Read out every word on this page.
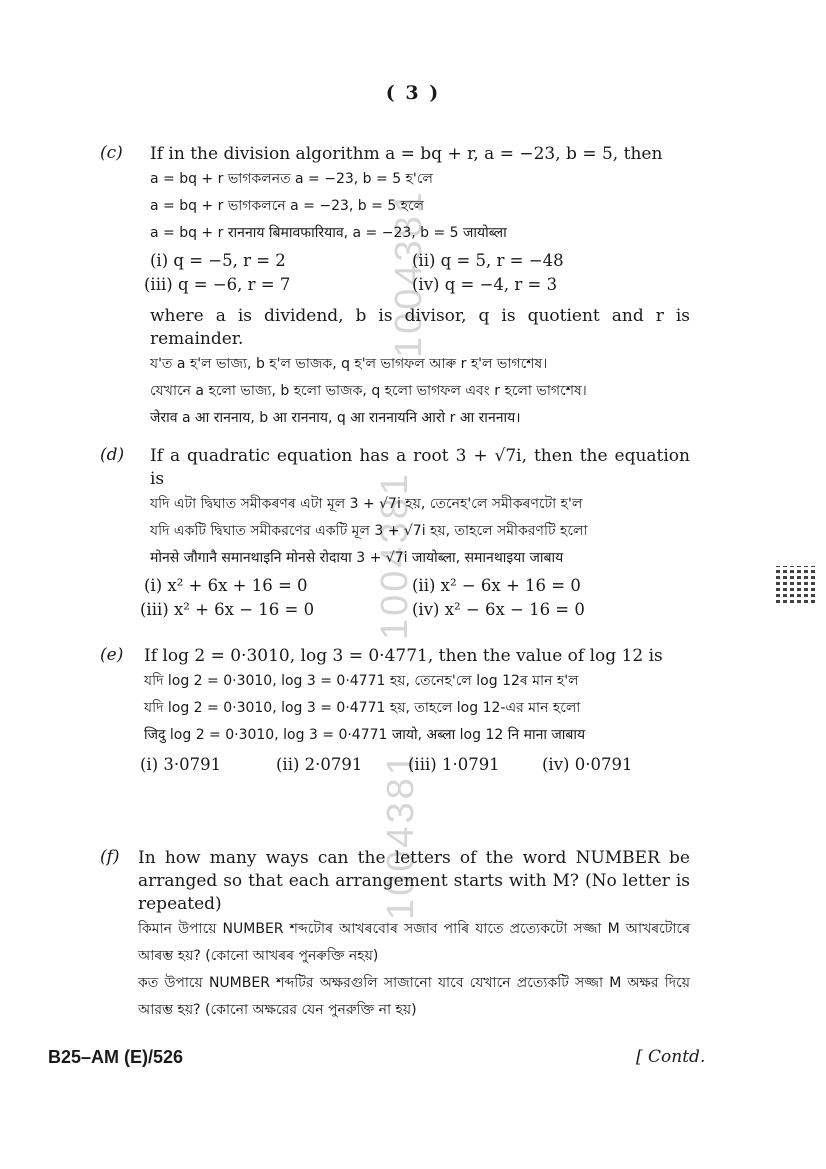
( 3 )
1004381
1004381
1004381
(c)	If in the division algorithm a = bq + r, a = −23, b = 5, then
a = bq + r ভাগকলনত a = −23, b = 5 হ'লে
a = bq + r ভাগকলনে a = −23, b = 5 হলে
a = bq + r राननाय बिमावफारियाव, a = −23, b = 5 जायोब्ला
(i) q = −5, r = 2	(ii) q = 5, r = −48
(iii) q = −6, r = 7	(iv) q = −4, r = 3
where a is dividend, b is divisor, q is quotient and r is remainder.
য'ত a হ'ল ভাজ্য, b হ'ল ভাজক, q হ'ল ভাগফল আৰু r হ'ল ভাগশেষ।
যেখানে a হলো ভাজ্য, b হলো ভাজক, q হলো ভাগফল এবং r হলো ভাগশেষ।
जेराव a आ राननाय, b आ राननाय, q आ राननायनि आरो r आ राननाय।
(d)	If a quadratic equation has a root 3 + √7i, then the equation is
যদি এটা দ্বিঘাত সমীকৰণৰ এটা মূল 3 + √7i হয়, তেনেহ'লে সমীকৰণটো হ'ল
যদি একটি দ্বিঘাত সমীকরণের একটি মূল 3 + √7i হয়, তাহলে সমীকরণটি হলো
मोनसे जौगानै समानथाइनि मोनसे रोदाया 3 + √7i जायोब्ला, समानथाइया जाबाय
(i) x² + 6x + 16 = 0	(ii) x² − 6x + 16 = 0
(iii) x² + 6x − 16 = 0	(iv) x² − 6x − 16 = 0
(e)	If log 2 = 0·3010, log 3 = 0·4771, then the value of log 12 is
যদি log 2 = 0·3010, log 3 = 0·4771 হয়, তেনেহ'লে log 12ৰ মান হ'ল
যদি log 2 = 0·3010, log 3 = 0·4771 হয়, তাহলে log 12-এর মান হলো
जिदु log 2 = 0·3010, log 3 = 0·4771 जायो, अब्ला log 12 नि माना जाबाय
(i) 3·0791	(ii) 2·0791	(iii) 1·0791	(iv) 0·0791
(f)	In how many ways can the letters of the word NUMBER be arranged so that each arrangement starts with M? (No letter is repeated)
কিমান উপায়ে NUMBER শব্দটোৰ আখৰবোৰ সজাব পাৰি যাতে প্ৰত্যেকটো সজ্জা M আখৰটোৰে আৰম্ভ হয়? (কোনো আখৰৰ পুনৰুক্তি নহয়)
কত উপায়ে NUMBER শব্দটির অক্ষরগুলি সাজানো যাবে যেখানে প্রত্যেকটি সজ্জা M অক্ষর দিয়ে আরম্ভ হয়? (কোনো অক্ষরের যেন পুনরুক্তি না হয়)
B25–AM (E)/526	[ Contd.
